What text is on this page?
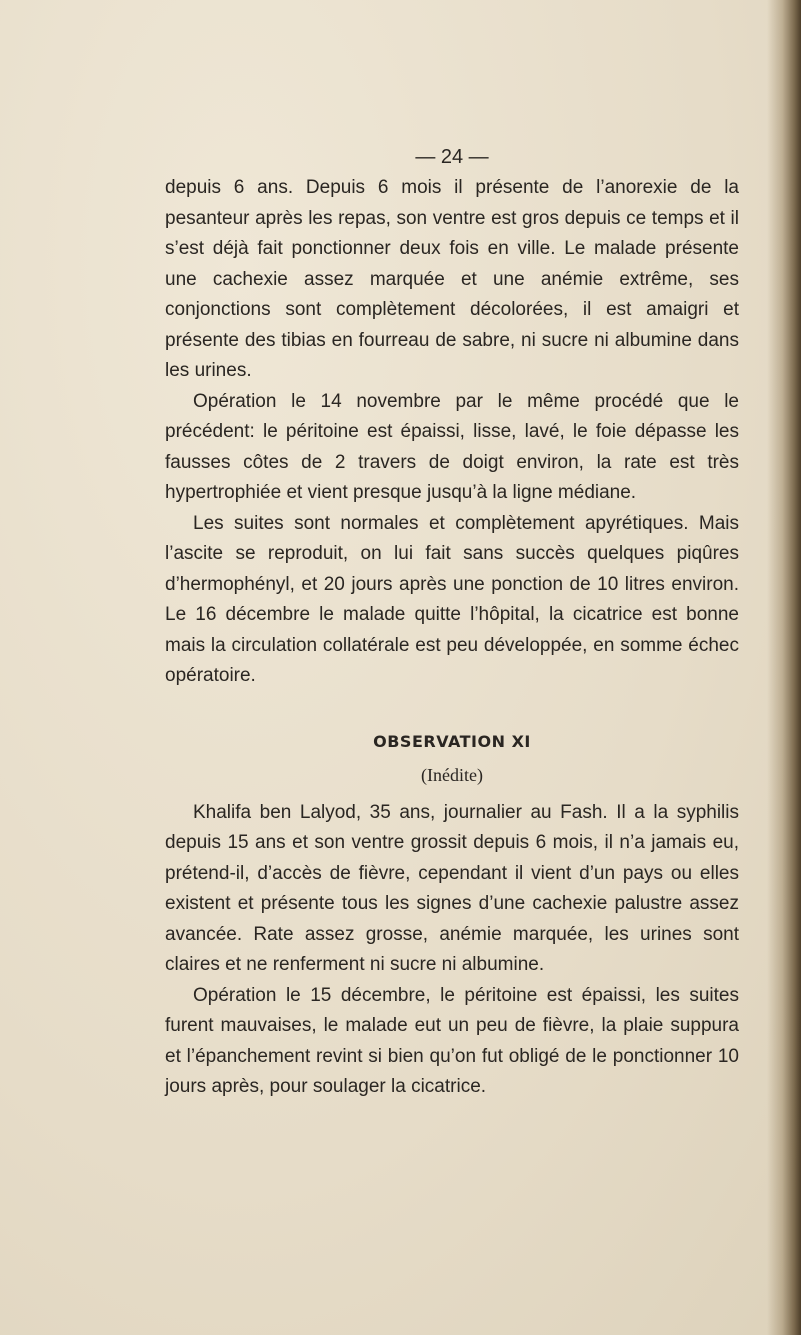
— 24 —

depuis 6 ans. Depuis 6 mois il présente de l’anorexie de la pesanteur après les repas, son ventre est gros depuis ce temps et il s’est déjà fait ponctionner deux fois en ville. Le malade présente une cachexie assez marquée et une anémie extrême, ses conjonctions sont complètement décolorées, il est amaigri et présente des tibias en fourreau de sabre, ni sucre ni albumine dans les urines.

Opération le 14 novembre par le même procédé que le précédent: le péritoine est épaissi, lisse, lavé, le foie dépasse les fausses côtes de 2 travers de doigt environ, la rate est très hypertrophiée et vient presque jusqu’à la ligne médiane.

Les suites sont normales et complètement apyrétiques. Mais l’ascite se reproduit, on lui fait sans succès quelques piqûres d’hermophényl, et 20 jours après une ponction de 10 litres environ. Le 16 décembre le malade quitte l’hôpital, la cicatrice est bonne mais la circulation collatérale est peu développée, en somme échec opératoire.

OBSERVATION XI
(Inédite)

Khalifa ben Lalyod, 35 ans, journalier au Fash. Il a la syphilis depuis 15 ans et son ventre grossit depuis 6 mois, il n’a jamais eu, prétend-il, d’accès de fièvre, cependant il vient d’un pays ou elles existent et présente tous les signes d’une cachexie palustre assez avancée. Rate assez grosse, anémie marquée, les urines sont claires et ne renferment ni sucre ni albumine.

Opération le 15 décembre, le péritoine est épaissi, les suites furent mauvaises, le malade eut un peu de fièvre, la plaie suppura et l’épanchement revint si bien qu’on fut obligé de le ponctionner 10 jours après, pour soulager la cicatrice.
